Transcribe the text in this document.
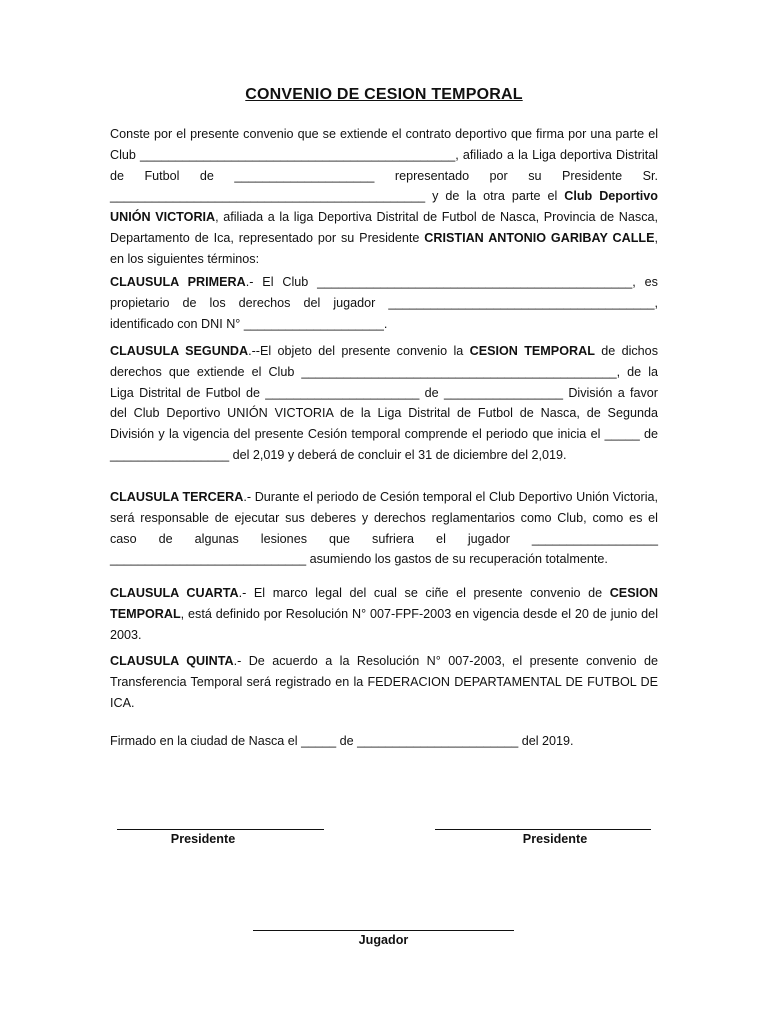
CONVENIO DE CESION TEMPORAL

Conste por el presente convenio que se extiende el contrato deportivo que firma por una parte el Club _____________________________________________, afiliado a la Liga deportiva Distrital de Futbol de ____________________ representado por su Presidente Sr. _____________________________________________ y de la otra parte el Club Deportivo UNIÓN VICTORIA, afiliada a la liga Deportiva Distrital de Futbol de Nasca, Provincia de Nasca, Departamento de Ica, representado por su Presidente CRISTIAN ANTONIO GARIBAY CALLE, en los siguientes términos:

CLAUSULA PRIMERA.- El Club _____________________________________________, es propietario de los derechos del jugador ______________________________________, identificado con DNI N° ____________________.

CLAUSULA SEGUNDA.--El objeto del presente convenio la CESION TEMPORAL de dichos derechos que extiende el Club _____________________________________________, de la Liga Distrital de Futbol de ______________________ de _________________ División a favor del Club Deportivo UNIÓN VICTORIA de la Liga Distrital de Futbol de Nasca, de Segunda División y la vigencia del presente Cesión temporal comprende el periodo que inicia el _____ de _________________ del 2,019 y deberá de concluir el 31 de diciembre del 2,019.

CLAUSULA TERCERA.- Durante el periodo de Cesión temporal el Club Deportivo Unión Victoria, será responsable de ejecutar sus deberes y derechos reglamentarios como Club, como es el caso de algunas lesiones que sufriera el jugador __________________ ____________________________ asumiendo los gastos de su recuperación totalmente.

CLAUSULA CUARTA.- El marco legal del cual se ciñe el presente convenio de CESION TEMPORAL, está definido por Resolución N° 007-FPF-2003 en vigencia desde el 20 de junio del 2003.

CLAUSULA QUINTA.- De acuerdo a la Resolución N° 007-2003, el presente convenio de Transferencia Temporal será registrado en la FEDERACION DEPARTAMENTAL DE FUTBOL DE ICA.

Firmado en la ciudad de Nasca el _____ de _______________________ del 2019.

Presidente	Presidente
Jugador
